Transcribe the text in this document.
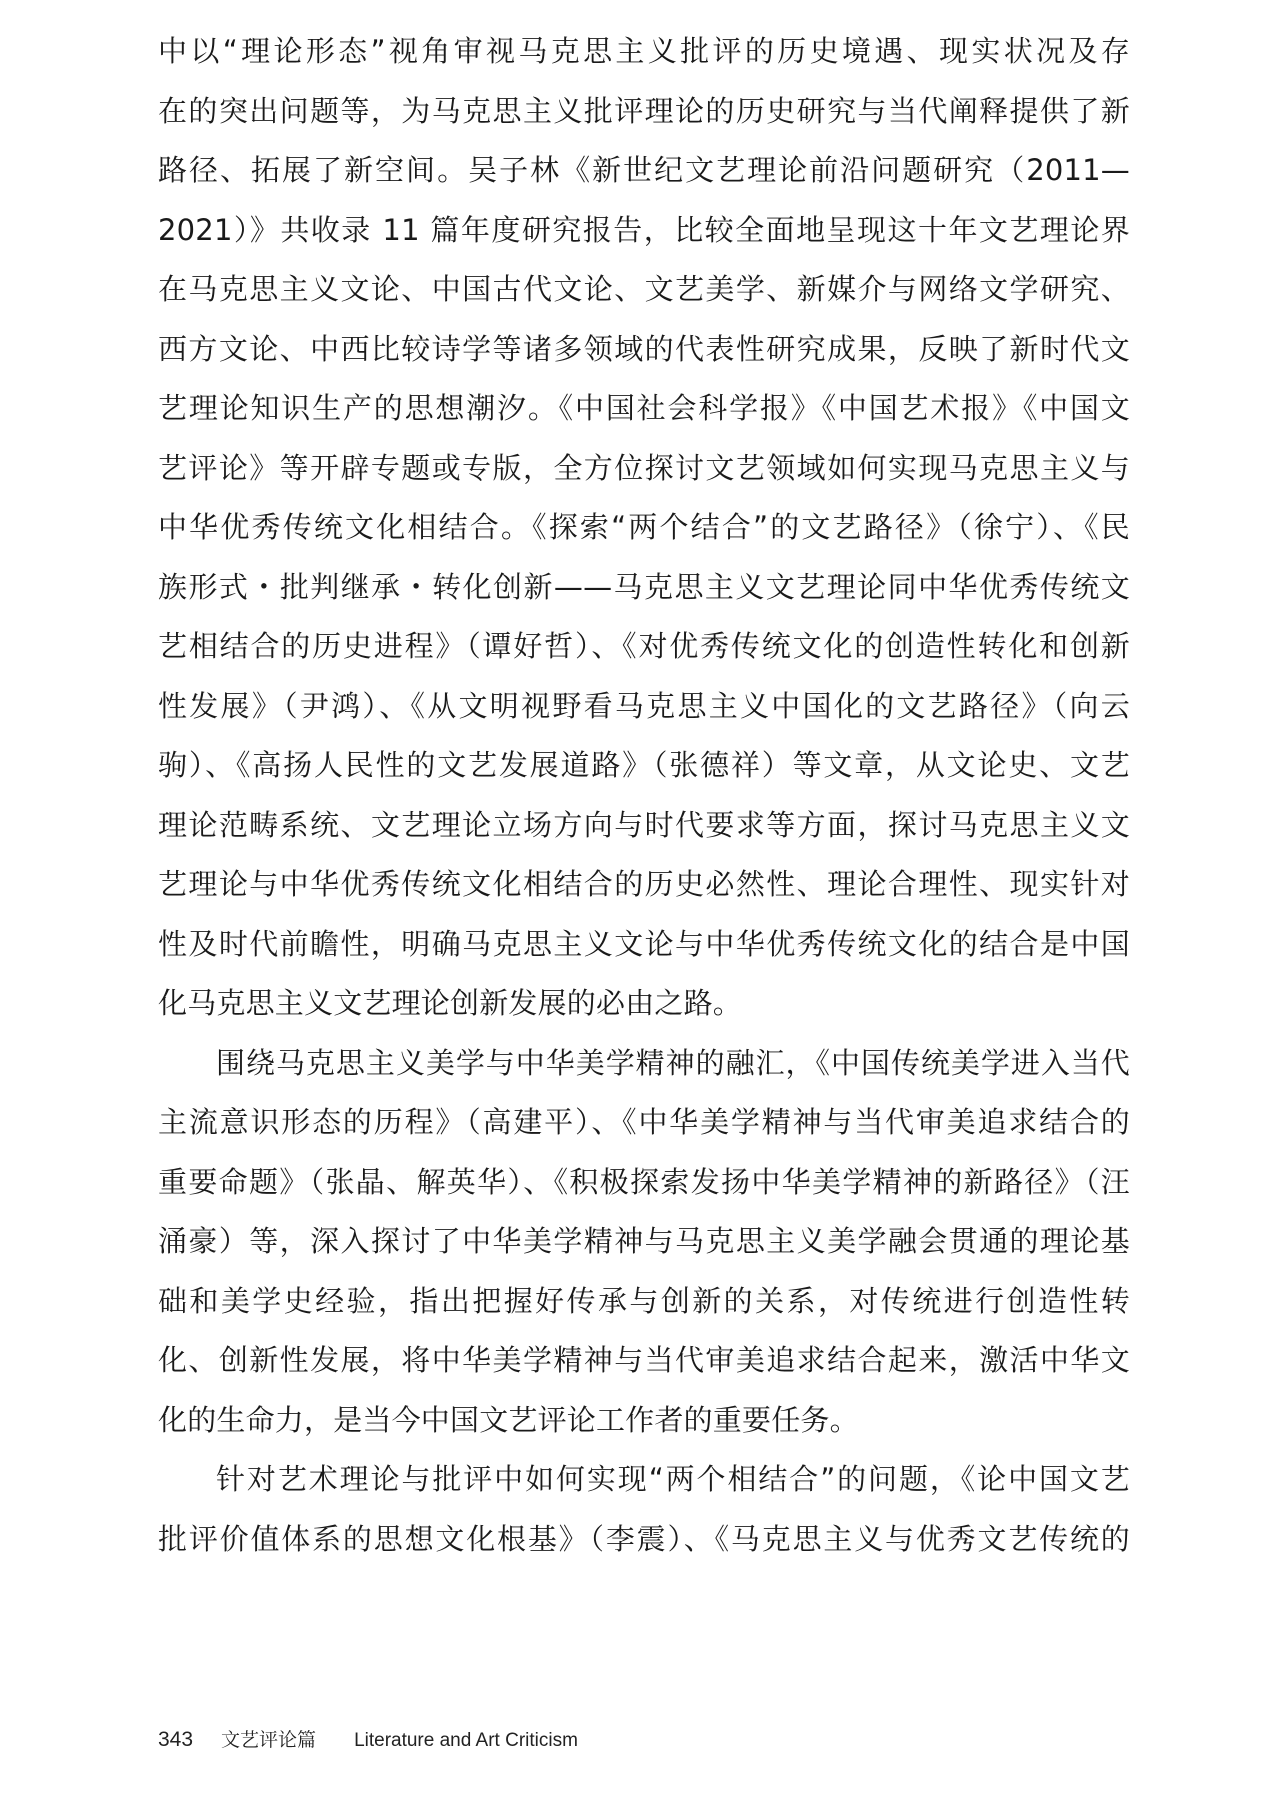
中以“理论形态”视角审视马克思主义批评的历史境遇、现实状况及存
在的突出问题等，为马克思主义批评理论的历史研究与当代阐释提供了新
路径、拓展了新空间。吴子林《新世纪文艺理论前沿问题研究（2011—
2021）》共收录 11 篇年度研究报告，比较全面地呈现这十年文艺理论界
在马克思主义文论、中国古代文论、文艺美学、新媒介与网络文学研究、
西方文论、中西比较诗学等诸多领域的代表性研究成果，反映了新时代文
艺理论知识生产的思想潮汐。《中国社会科学报》《中国艺术报》《中国文
艺评论》等开辟专题或专版，全方位探讨文艺领域如何实现马克思主义与
中华优秀传统文化相结合。《探索“两个结合”的文艺路径》（徐宁）、《民
族形式・批判继承・转化创新——马克思主义文艺理论同中华优秀传统文
艺相结合的历史进程》（谭好哲）、《对优秀传统文化的创造性转化和创新
性发展》（尹鸿）、《从文明视野看马克思主义中国化的文艺路径》（向云
驹）、《高扬人民性的文艺发展道路》（张德祥）等文章，从文论史、文艺
理论范畴系统、文艺理论立场方向与时代要求等方面，探讨马克思主义文
艺理论与中华优秀传统文化相结合的历史必然性、理论合理性、现实针对
性及时代前瞻性，明确马克思主义文论与中华优秀传统文化的结合是中国
化马克思主义文艺理论创新发展的必由之路。
围绕马克思主义美学与中华美学精神的融汇，《中国传统美学进入当代
主流意识形态的历程》（高建平）、《中华美学精神与当代审美追求结合的
重要命题》（张晶、解英华）、《积极探索发扬中华美学精神的新路径》（汪
涌豪）等，深入探讨了中华美学精神与马克思主义美学融会贯通的理论基
础和美学史经验，指出把握好传承与创新的关系，对传统进行创造性转
化、创新性发展，将中华美学精神与当代审美追求结合起来，激活中华文
化的生命力，是当今中国文艺评论工作者的重要任务。
针对艺术理论与批评中如何实现“两个相结合”的问题，《论中国文艺
批评价值体系的思想文化根基》（李震）、《马克思主义与优秀文艺传统的
343 文艺评论篇 Literature and Art Criticism
